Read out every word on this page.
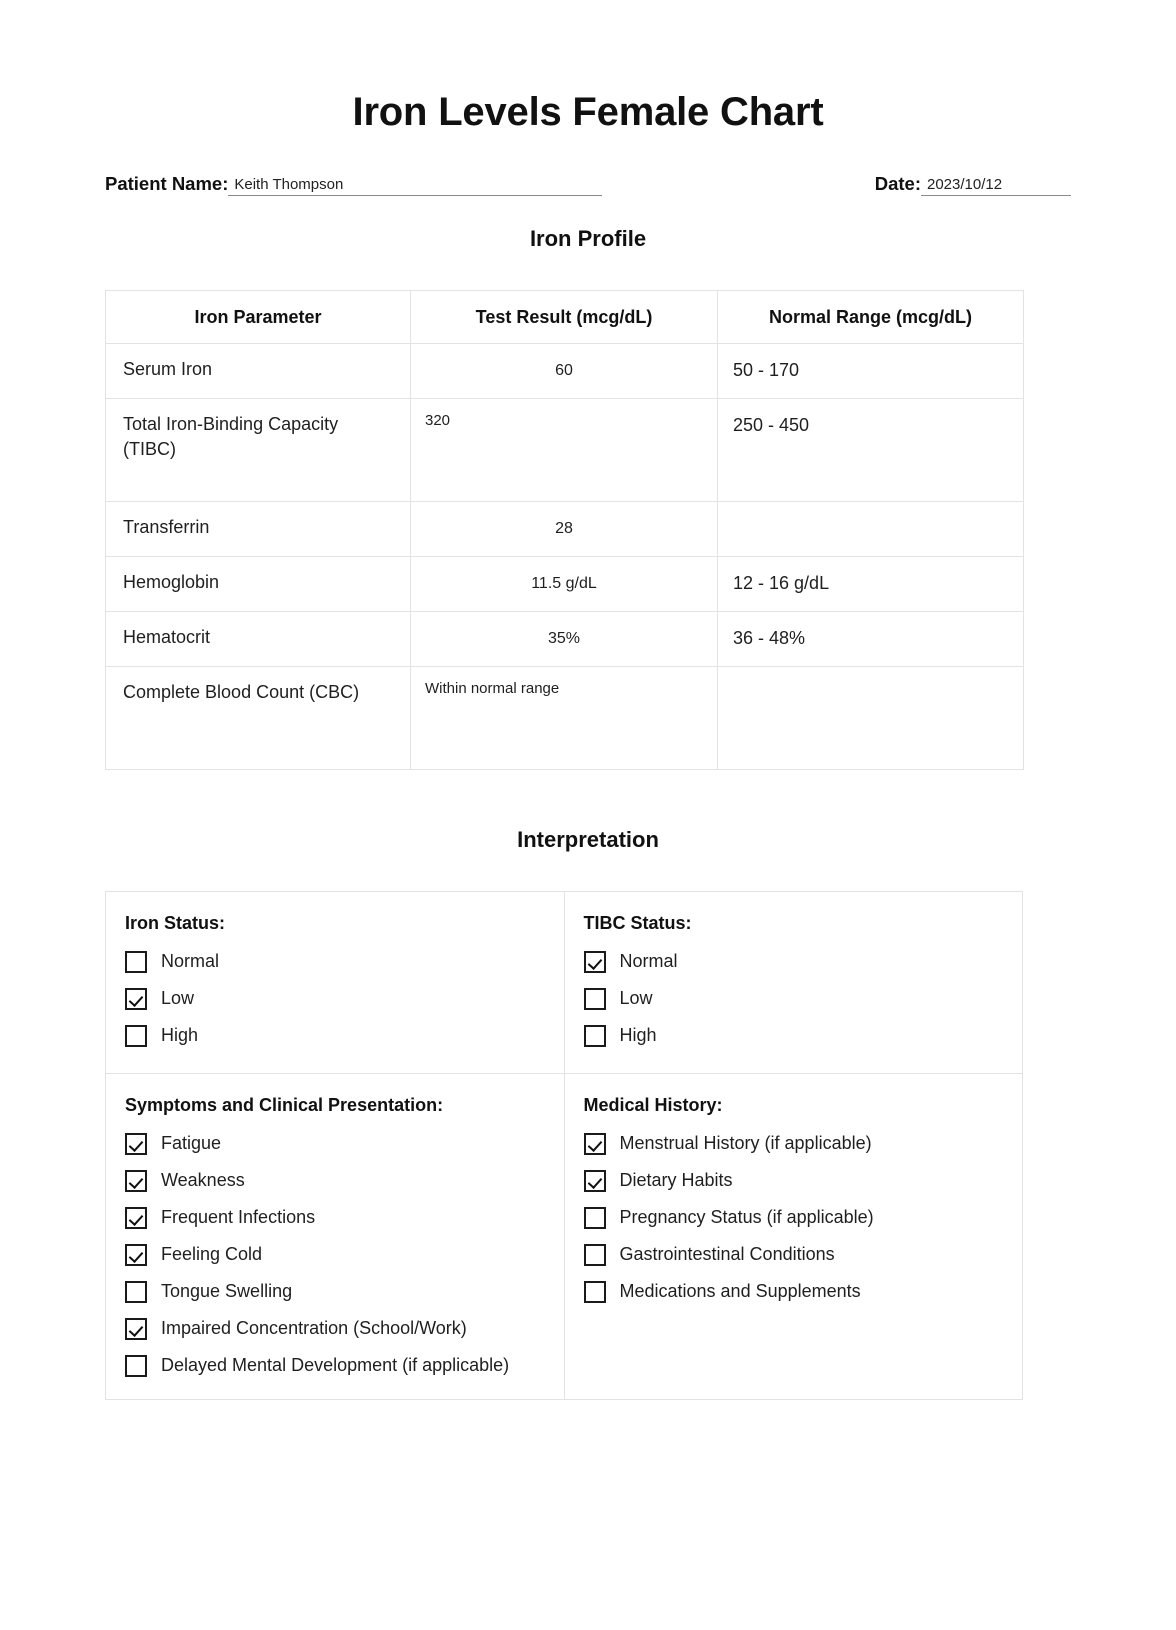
Iron Levels Female Chart
Patient Name: Keith Thompson	Date: 2023/10/12
Iron Profile
Iron Parameter	Test Result (mcg/dL)	Normal Range (mcg/dL)
Serum Iron	60	50 - 170
Total Iron-Binding Capacity (TIBC)	320	250 - 450
Transferrin	28	
Hemoglobin	11.5 g/dL	12 - 16 g/dL
Hematocrit	35%	36 - 48%
Complete Blood Count (CBC)	Within normal range	
Interpretation

Iron Status:

Normal
Low
High

TIBC Status:

Normal
Low
High

Symptoms and Clinical Presentation:

Fatigue
Weakness
Frequent Infections
Feeling Cold
Tongue Swelling
Impaired Concentration (School/Work)
Delayed Mental Development (if applicable)

Medical History:

Menstrual History (if applicable)
Dietary Habits
Pregnancy Status (if applicable)
Gastrointestinal Conditions
Medications and Supplements
